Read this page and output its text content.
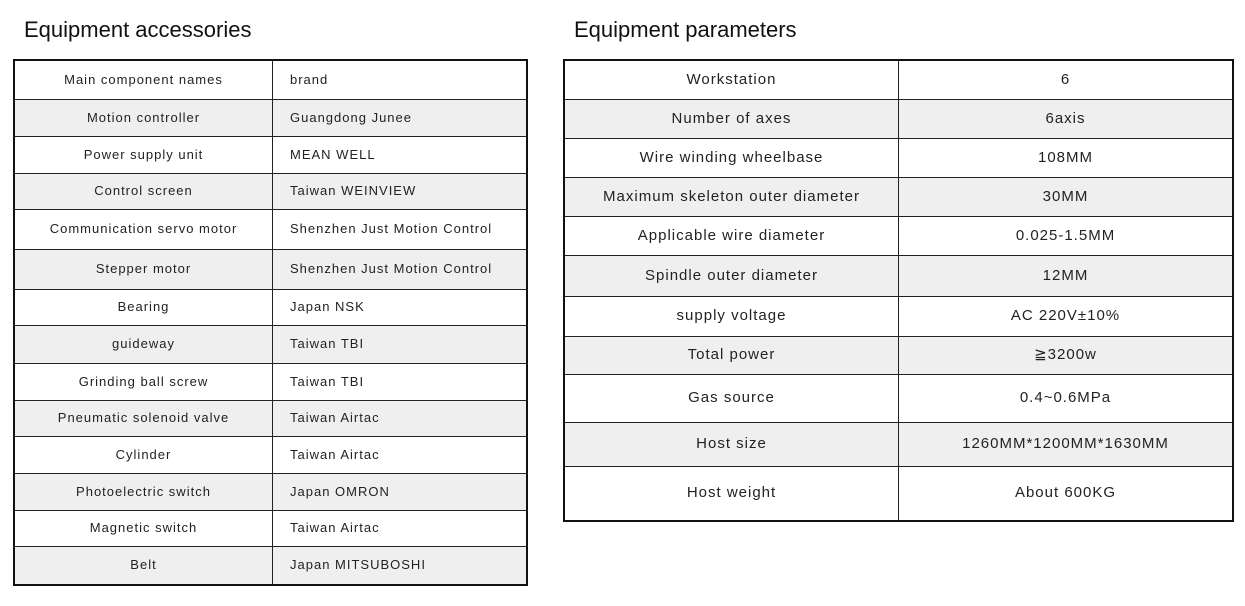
Equipment accessories	Equipment parameters
Main component names	brand
Motion controller	Guangdong Junee
Power supply unit	MEAN WELL
Control screen	Taiwan WEINVIEW
Communication servo motor	Shenzhen Just Motion Control
Stepper motor	Shenzhen Just Motion Control
Bearing	Japan NSK
guideway	Taiwan TBI
Grinding ball screw	Taiwan TBI
Pneumatic solenoid valve	Taiwan Airtac
Cylinder	Taiwan Airtac
Photoelectric switch	Japan OMRON
Magnetic switch	Taiwan Airtac
Belt	Japan MITSUBOSHI
Workstation	6
Number of axes	6axis
Wire winding wheelbase	108MM
Maximum skeleton outer diameter	30MM
Applicable wire diameter	0.025-1.5MM
Spindle outer diameter	12MM
supply voltage	AC 220V±10%
Total power	≧3200w
Gas source	0.4~0.6MPa
Host size	1260MM*1200MM*1630MM
Host weight	About 600KG
